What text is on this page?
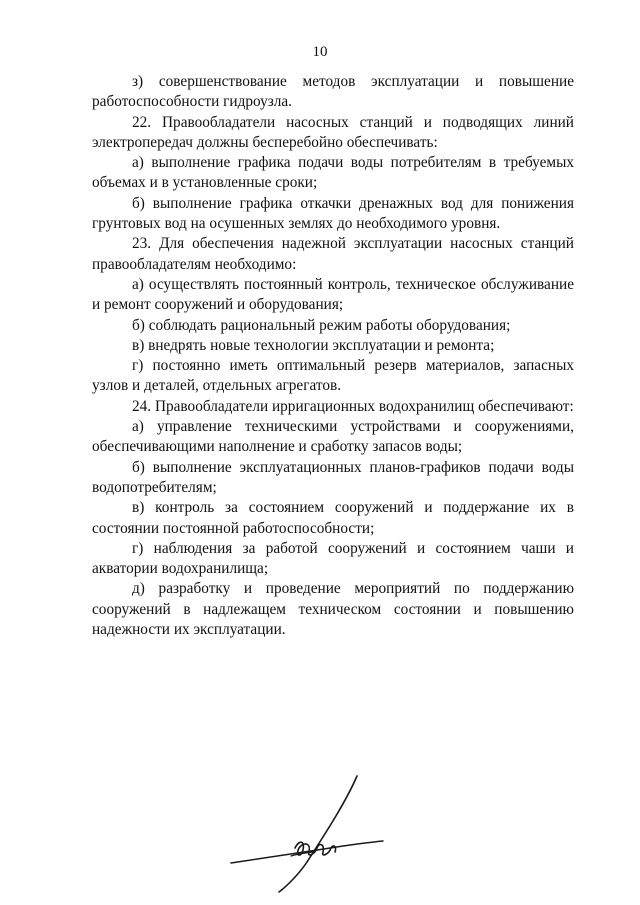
10

з) совершенствование методов эксплуатации и повышение работоспособности гидроузла.

22. Правообладатели насосных станций и подводящих линий электропередач должны бесперебойно обеспечивать:

а) выполнение графика подачи воды потребителям в требуемых объемах и в установленные сроки;

б) выполнение графика откачки дренажных вод для понижения грунтовых вод на осушенных землях до необходимого уровня.

23. Для обеспечения надежной эксплуатации насосных станций правообладателям необходимо:

а) осуществлять постоянный контроль, техническое обслуживание и ремонт сооружений и оборудования;

б) соблюдать рациональный режим работы оборудования;

в) внедрять новые технологии эксплуатации и ремонта;

г) постоянно иметь оптимальный резерв материалов, запасных узлов и деталей, отдельных агрегатов.

24. Правообладатели ирригационных водохранилищ обеспечивают:

а) управление техническими устройствами и сооружениями, обеспечивающими наполнение и сработку запасов воды;

б) выполнение эксплуатационных планов-графиков подачи воды водопотребителям;

в) контроль за состоянием сооружений и поддержание их в состоянии постоянной работоспособности;

г) наблюдения за работой сооружений и состоянием чаши и акватории водохранилища;

д) разработку и проведение мероприятий по поддержанию сооружений в надлежащем техническом состоянии и повышению надежности их эксплуатации.
